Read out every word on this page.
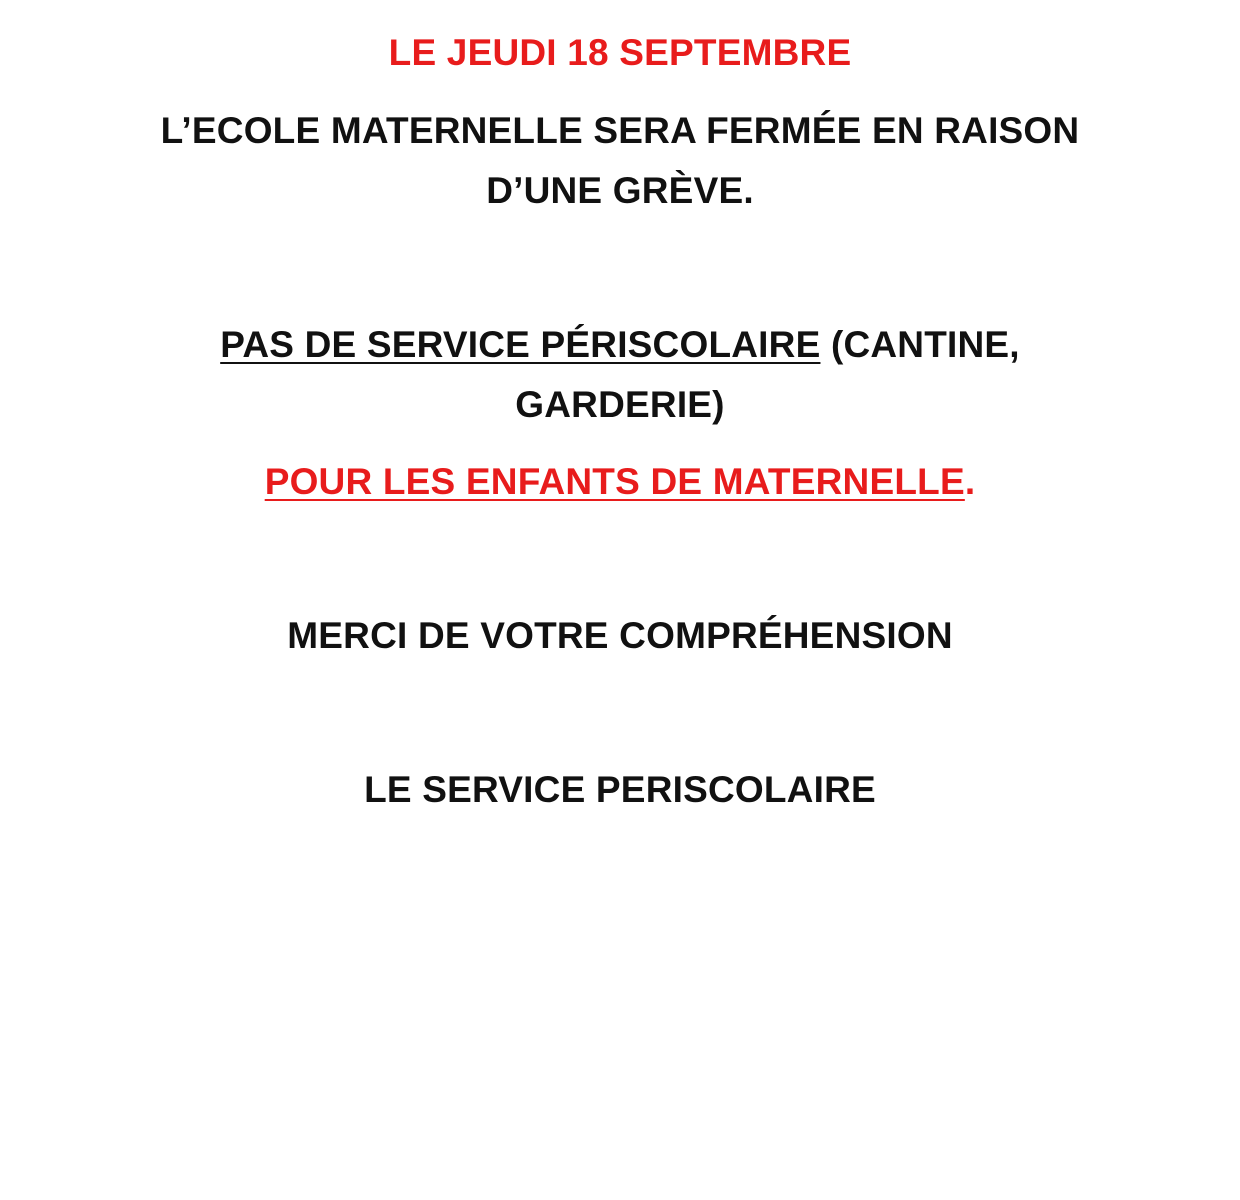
LE JEUDI 18 SEPTEMBRE
L’ECOLE MATERNELLE SERA FERMÉE EN RAISON
D’UNE GRÈVE.
PAS DE SERVICE PÉRISCOLAIRE (CANTINE,
GARDERIE)
POUR LES ENFANTS DE MATERNELLE.
MERCI DE VOTRE COMPRÉHENSION
LE SERVICE PERISCOLAIRE
